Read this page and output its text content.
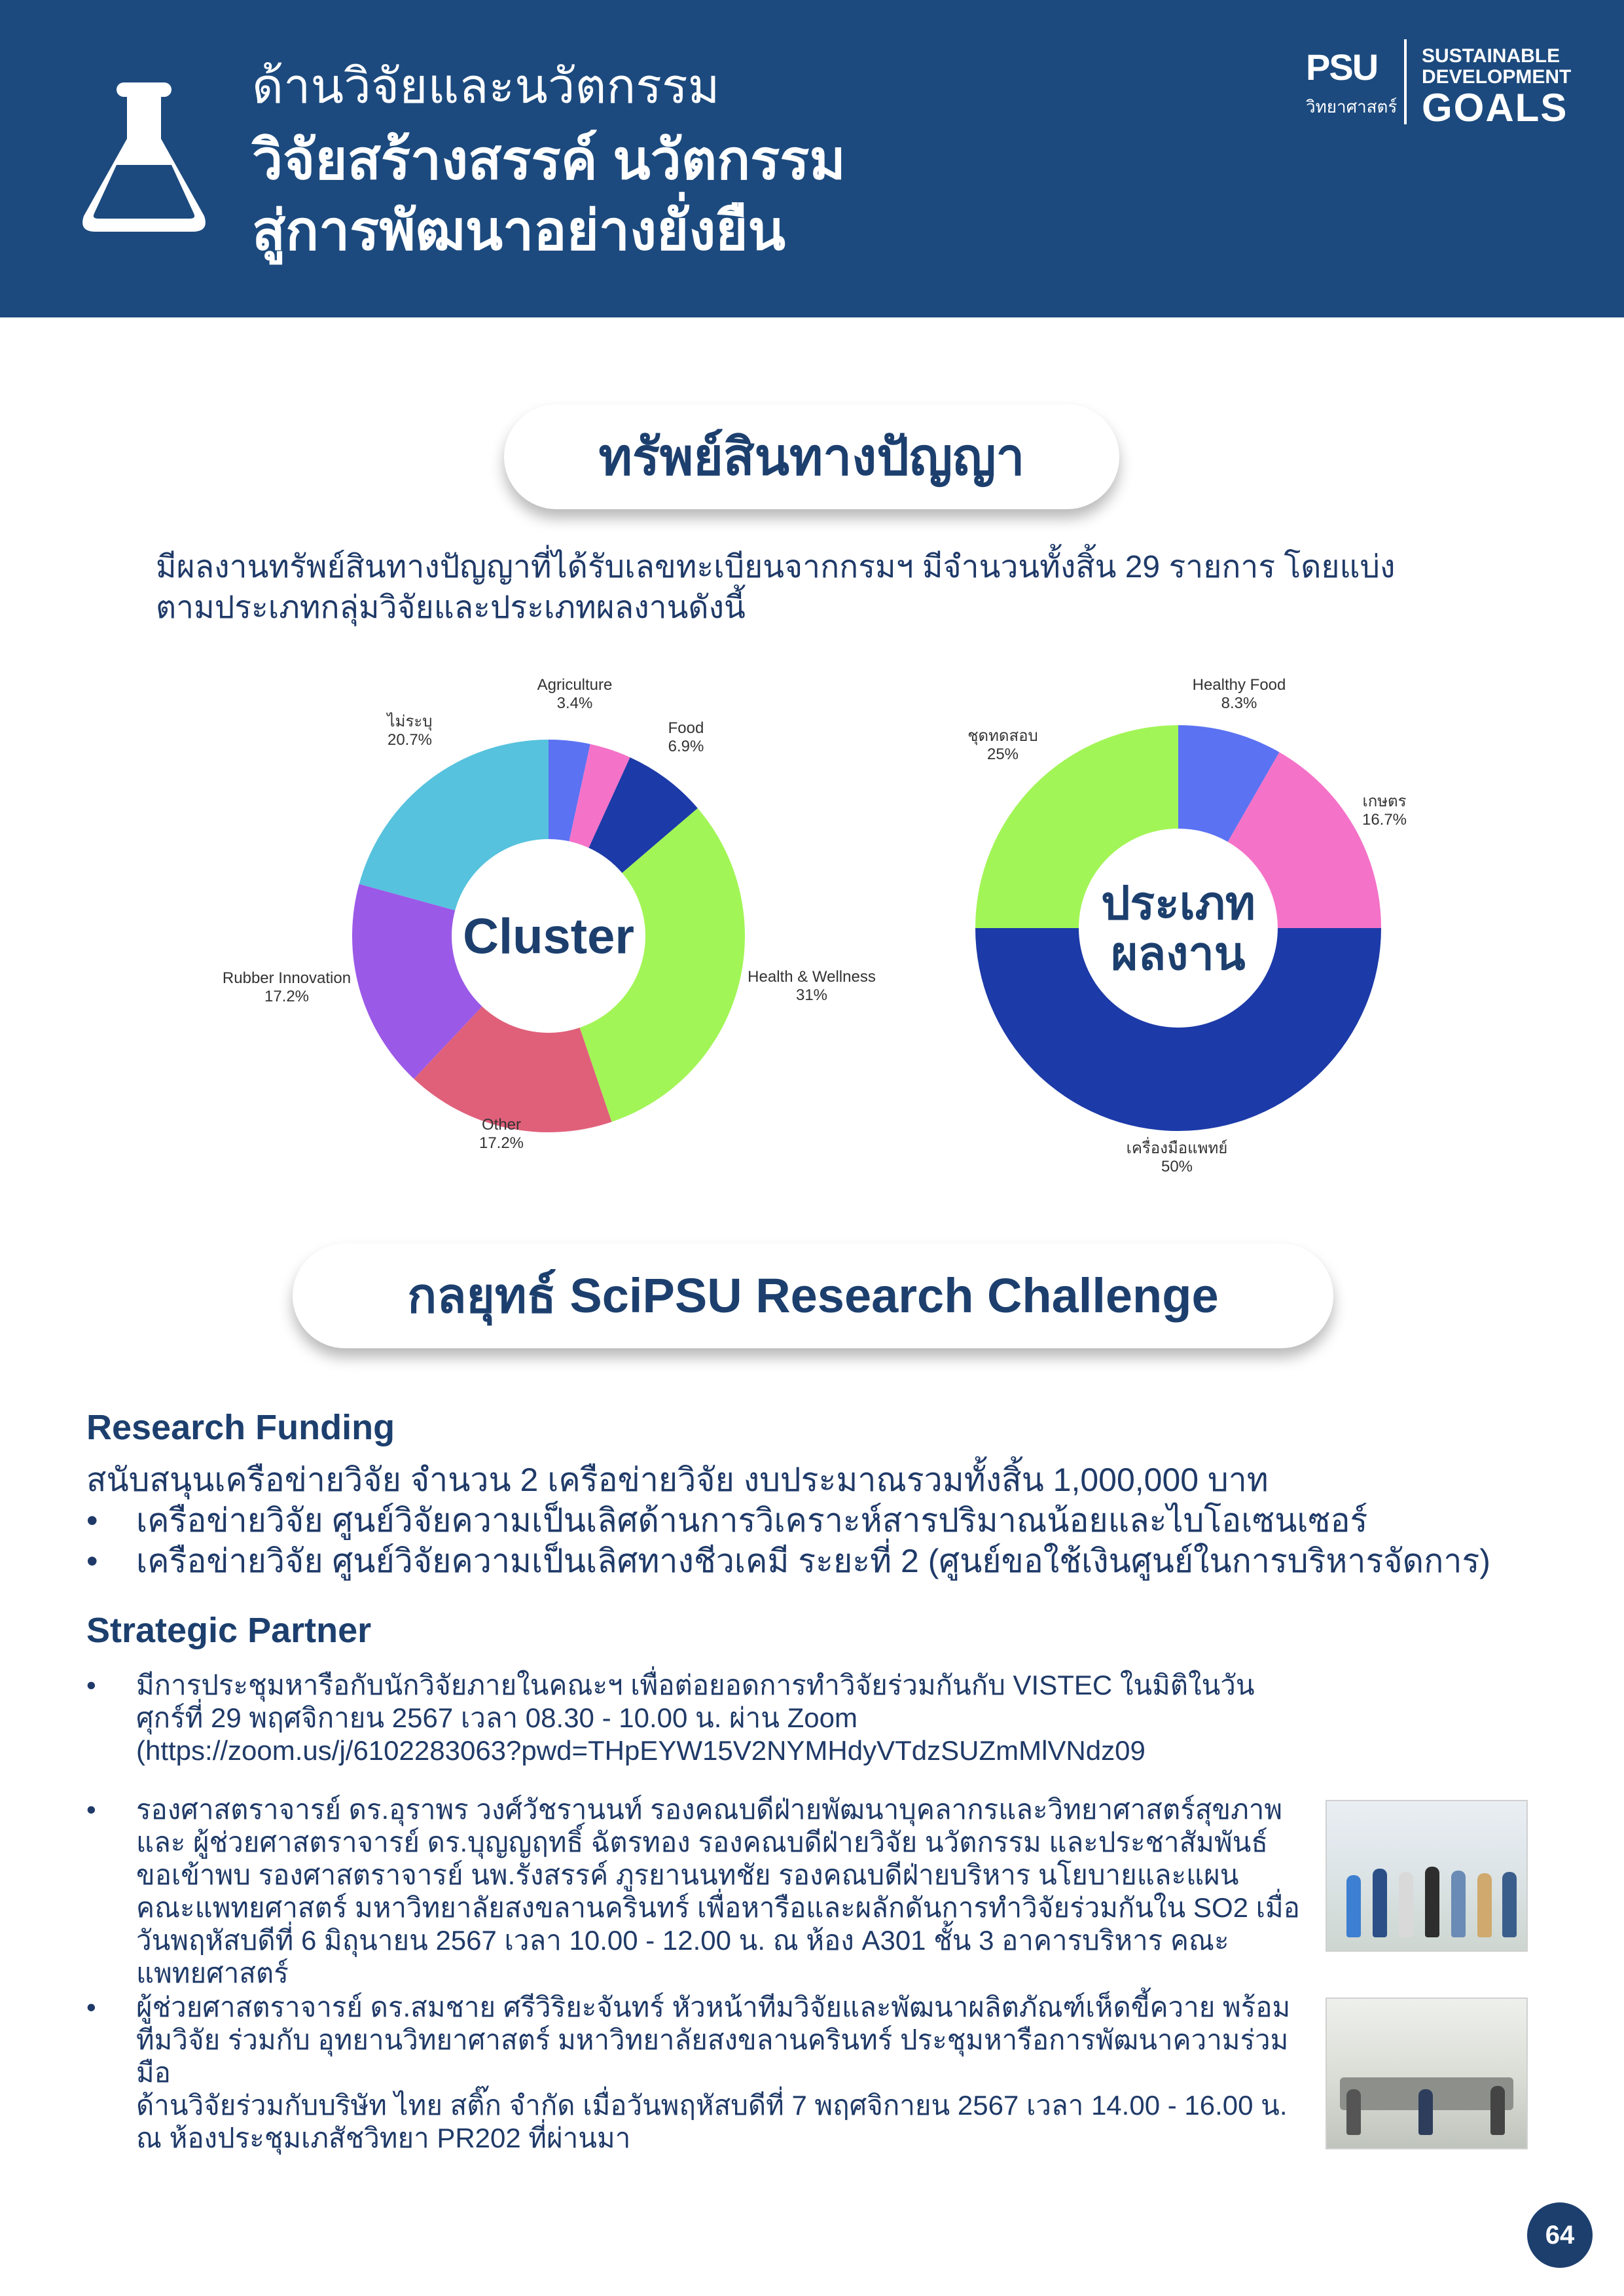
ด้านวิจัยและนวัตกรรม
วิจัยสร้างสรรค์ นวัตกรรม
สู่การพัฒนาอย่างยั่งยืน
PSU
วิทยาศาสตร์
SUSTAINABLE
DEVELOPMENT
GOALS
ทรัพย์สินทางปัญญา
มีผลงานทรัพย์สินทางปัญญาที่ได้รับเลขทะเบียนจากกรมฯ มีจำนวนทั้งสิ้น 29 รายการ โดยแบ่ง
ตามประเภทกลุ่มวิจัยและประเภทผลงานดังนี้
Agriculture
3.4%
Food
6.9%
Health & Wellness
31%
Other
17.2%
Rubber Innovation
17.2%
ไม่ระบุ
20.7%
Cluster
Healthy Food
8.3%
เกษตร
16.7%
เครื่องมือแพทย์
50%
ชุดทดสอบ
25%
ประเภท
ผลงาน
กลยุทธ์ SciPSU Research Challenge
Research Funding
สนับสนุนเครือข่ายวิจัย จำนวน 2 เครือข่ายวิจัย งบประมาณรวมทั้งสิ้น 1,000,000 บาท
• เครือข่ายวิจัย ศูนย์วิจัยความเป็นเลิศด้านการวิเคราะห์สารปริมาณน้อยและไบโอเซนเซอร์
• เครือข่ายวิจัย ศูนย์วิจัยความเป็นเลิศทางชีวเคมี ระยะที่ 2 (ศูนย์ขอใช้เงินศูนย์ในการบริหารจัดการ)
Strategic Partner
• มีการประชุมหารือกับนักวิจัยภายในคณะฯ เพื่อต่อยอดการทำวิจัยร่วมกันกับ VISTEC ในมิติในวัน
ศุกร์ที่ 29 พฤศจิกายน 2567 เวลา 08.30 - 10.00 น. ผ่าน Zoom
(https://zoom.us/j/6102283063?pwd=THpEYW15V2NYMHdyVTdzSUZmMlVNdz09
• รองศาสตราจารย์ ดร.อุราพร วงศ์วัชรานนท์ รองคณบดีฝ่ายพัฒนาบุคลากรและวิทยาศาสตร์สุขภาพ
และ ผู้ช่วยศาสตราจารย์ ดร.บุญญฤทธิ์ ฉัตรทอง รองคณบดีฝ่ายวิจัย นวัตกรรม และประชาสัมพันธ์
ขอเข้าพบ รองศาสตราจารย์ นพ.รังสรรค์ ภูรยานนทชัย รองคณบดีฝ่ายบริหาร นโยบายและแผน
คณะแพทยศาสตร์ มหาวิทยาลัยสงขลานครินทร์ เพื่อหารือและผลักดันการทำวิจัยร่วมกันใน SO2 เมื่อ
วันพฤหัสบดีที่ 6 มิถุนายน 2567 เวลา 10.00 - 12.00 น. ณ ห้อง A301 ชั้น 3 อาคารบริหาร คณะแพทยศาสตร์
• ผู้ช่วยศาสตราจารย์ ดร.สมชาย ศรีวิริยะจันทร์ หัวหน้าทีมวิจัยและพัฒนาผลิตภัณฑ์เห็ดขี้ควาย พร้อม
ทีมวิจัย ร่วมกับ อุทยานวิทยาศาสตร์ มหาวิทยาลัยสงขลานครินทร์ ประชุมหารือการพัฒนาความร่วมมือ
ด้านวิจัยร่วมกับบริษัท ไทย สติ๊ก จำกัด เมื่อวันพฤหัสบดีที่ 7 พฤศจิกายน 2567 เวลา 14.00 - 16.00 น.
ณ ห้องประชุมเภสัชวิทยา PR202 ที่ผ่านมา
64
